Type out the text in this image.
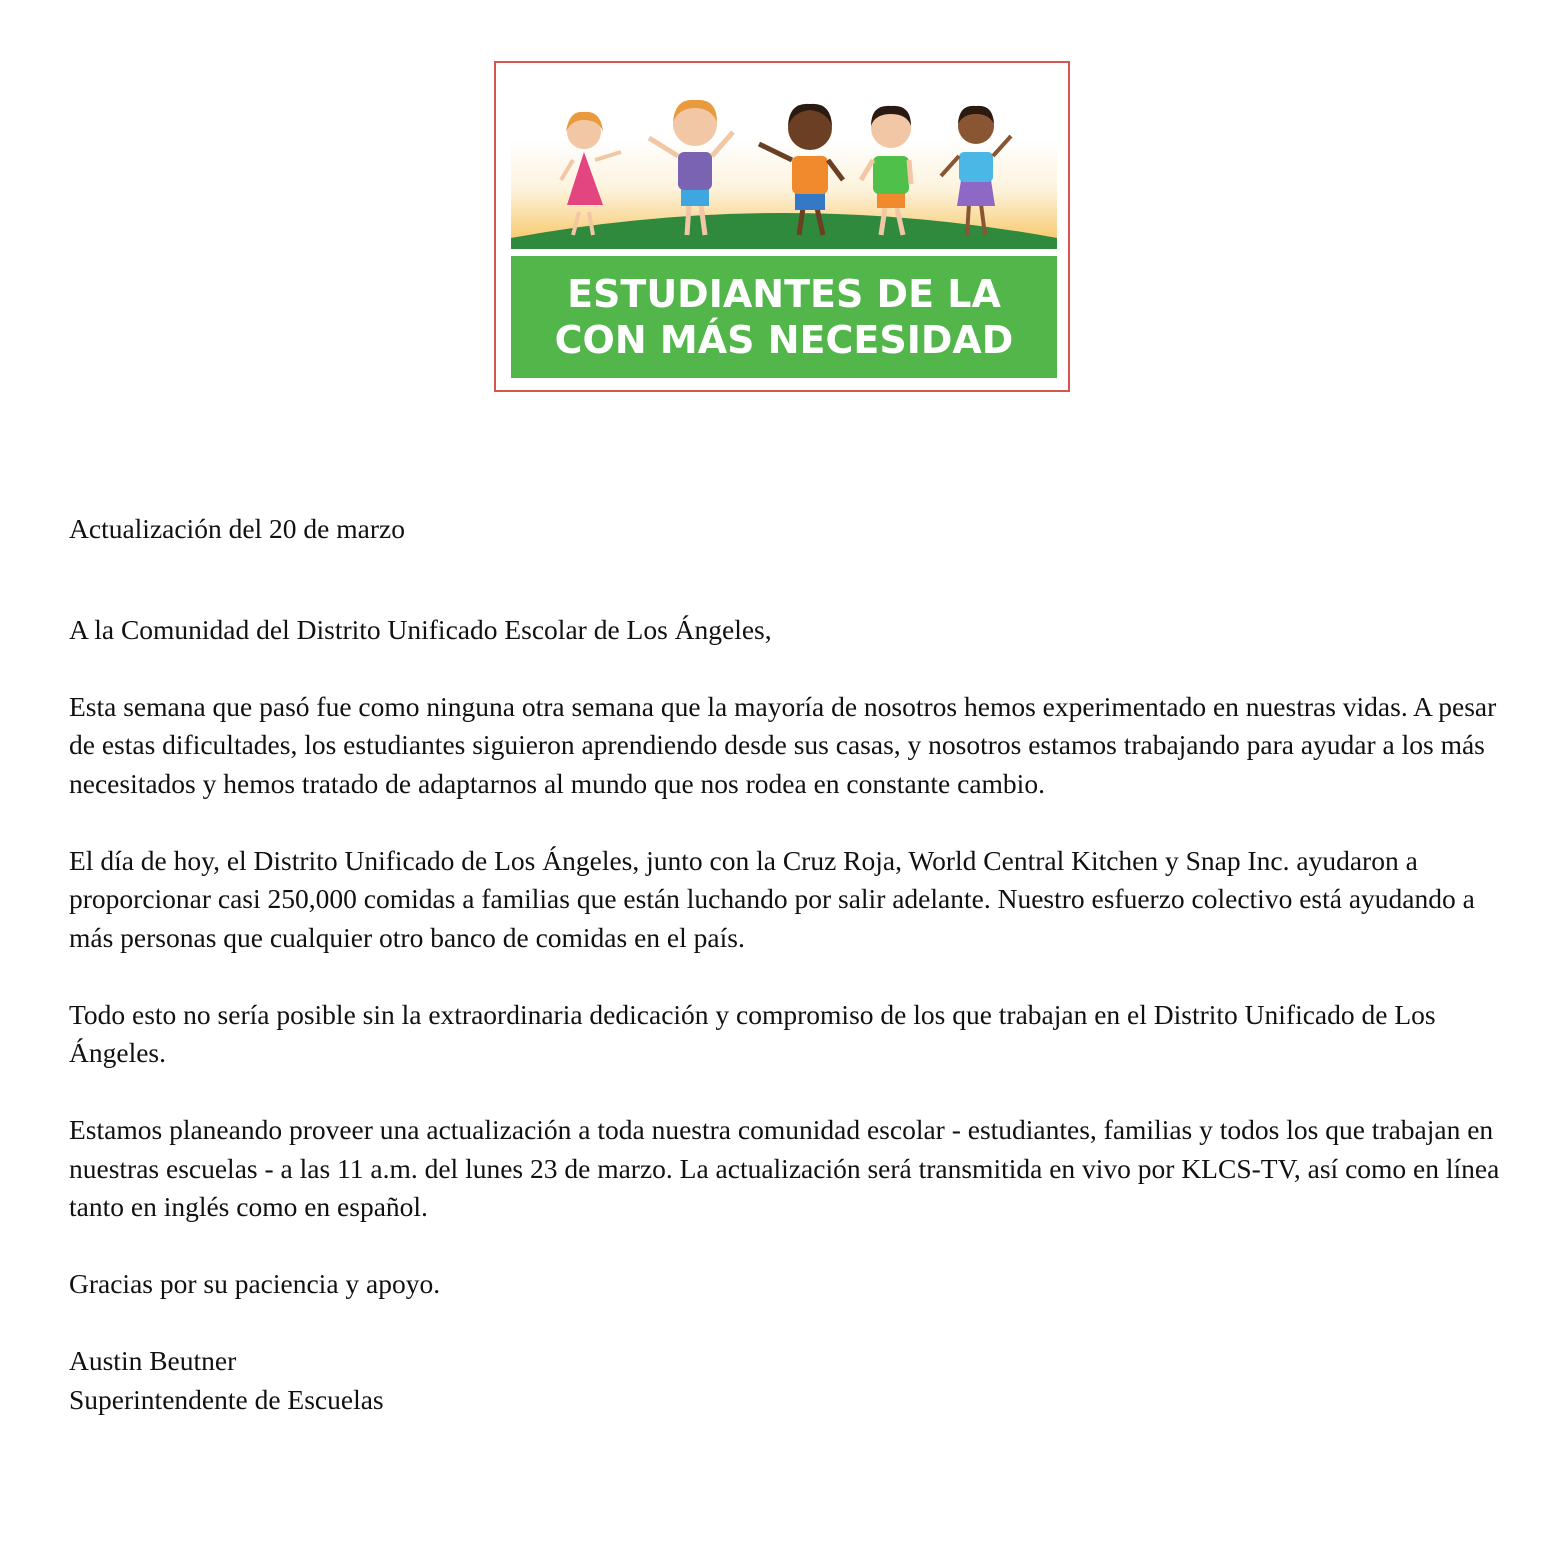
ESTUDIANTES DE LA
CON MÁS NECESIDAD

Actualización del 20 de marzo

A la Comunidad del Distrito Unificado Escolar de Los Ángeles,

Esta semana que pasó fue como ninguna otra semana que la mayoría de nosotros hemos experimentado en nuestras vidas. A pesar de estas dificultades, los estudiantes siguieron aprendiendo desde sus casas, y nosotros estamos trabajando para ayudar a los más necesitados y hemos tratado de adaptarnos al mundo que nos rodea en constante cambio.

El día de hoy, el Distrito Unificado de Los Ángeles, junto con la Cruz Roja, World Central Kitchen y Snap Inc. ayudaron a proporcionar casi 250,000 comidas a familias que están luchando por salir adelante. Nuestro esfuerzo colectivo está ayudando a más personas que cualquier otro banco de comidas en el país.

Todo esto no sería posible sin la extraordinaria dedicación y compromiso de los que trabajan en el Distrito Unificado de Los Ángeles.

Estamos planeando proveer una actualización a toda nuestra comunidad escolar - estudiantes, familias y todos los que trabajan en nuestras escuelas - a las 11 a.m. del lunes 23 de marzo. La actualización será transmitida en vivo por KLCS-TV, así como en línea tanto en inglés como en español.

Gracias por su paciencia y apoyo.

Austin Beutner

Superintendente de Escuelas
